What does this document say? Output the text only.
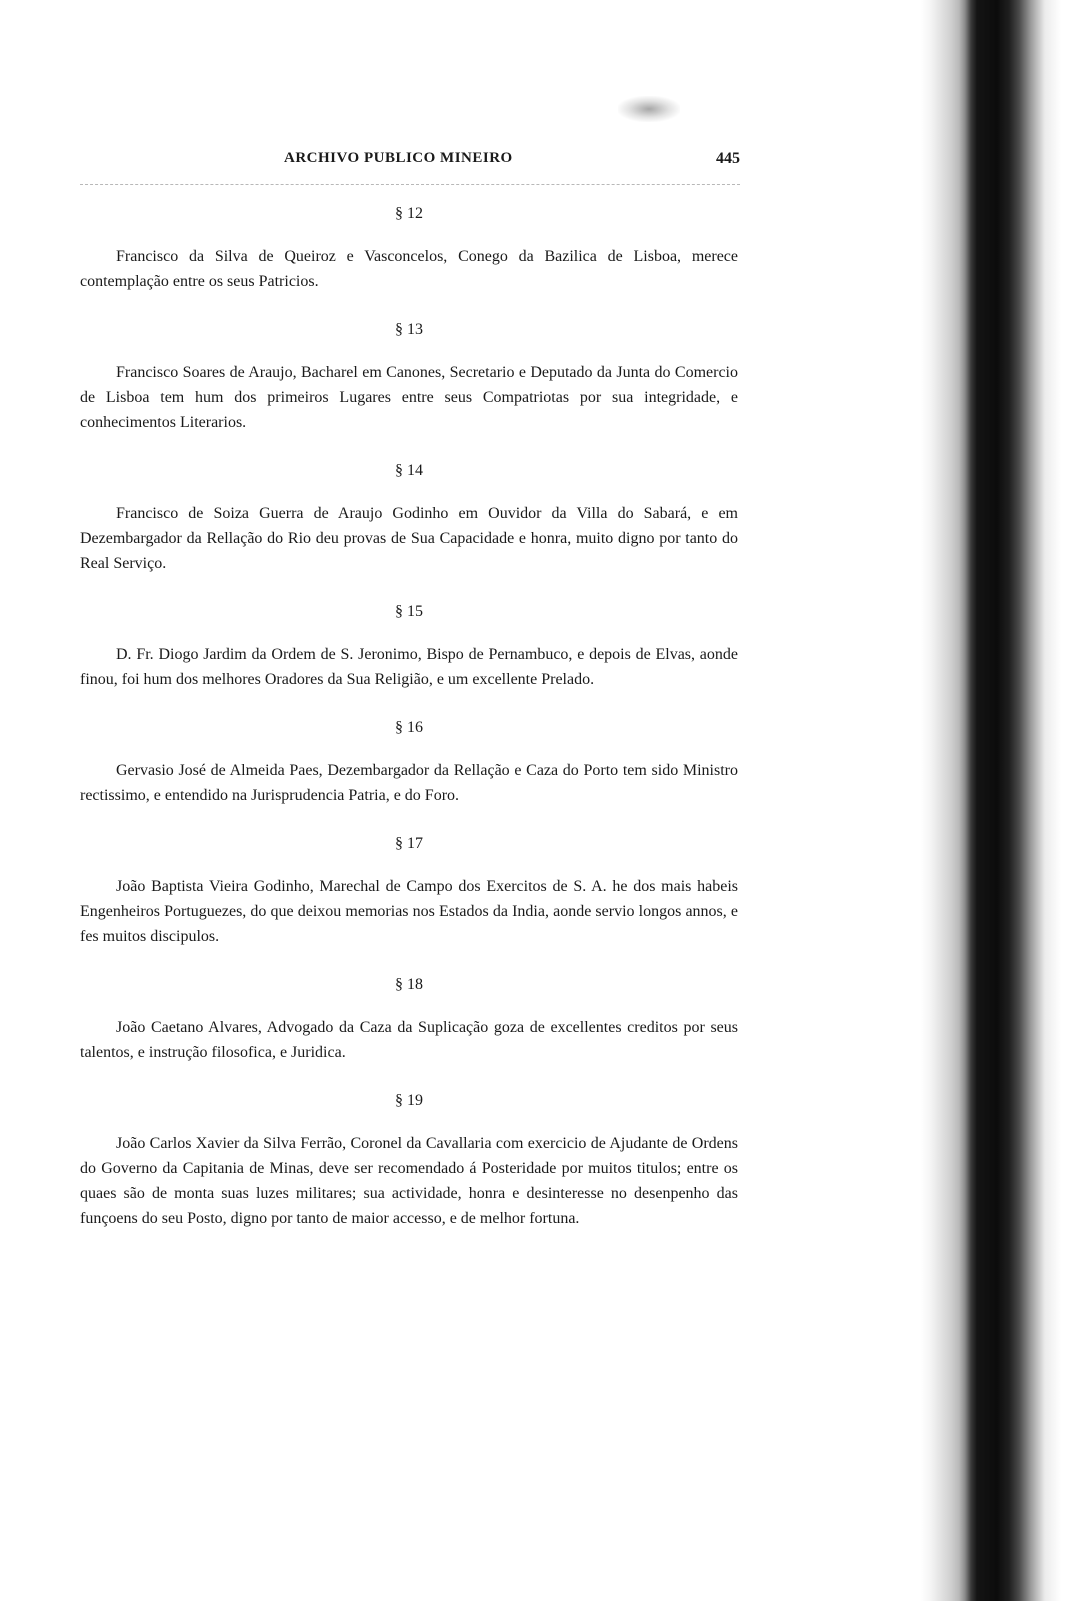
ARCHIVO PUBLICO MINEIRO	445

§ 12

Francisco da Silva de Queiroz e Vasconcelos, Conego da Bazilica de Lisboa, merece contemplação entre os seus Patricios.

§ 13

Francisco Soares de Araujo, Bacharel em Canones, Secretario e Deputado da Junta do Comercio de Lisboa tem hum dos primeiros Lugares entre seus Compatriotas por sua integridade, e conhecimentos Literarios.

§ 14

Francisco de Soiza Guerra de Araujo Godinho em Ouvidor da Villa do Sabará, e em Dezembargador da Rellação do Rio deu provas de Sua Capacidade e honra, muito digno por tanto do Real Serviço.

§ 15

D. Fr. Diogo Jardim da Ordem de S. Jeronimo, Bispo de Pernambuco, e depois de Elvas, aonde finou, foi hum dos melhores Oradores da Sua Religião, e um excellente Prelado.

§ 16

Gervasio José de Almeida Paes, Dezembargador da Rellação e Caza do Porto tem sido Ministro rectissimo, e entendido na Jurisprudencia Patria, e do Foro.

§ 17

João Baptista Vieira Godinho, Marechal de Campo dos Exercitos de S. A. he dos mais habeis Engenheiros Portuguezes, do que deixou memorias nos Estados da India, aonde servio longos annos, e fes muitos discipulos.

§ 18

João Caetano Alvares, Advogado da Caza da Suplicação goza de excellentes creditos por seus talentos, e instrução filosofica, e Juridica.

§ 19

João Carlos Xavier da Silva Ferrão, Coronel da Cavallaria com exercicio de Ajudante de Ordens do Governo da Capitania de Minas, deve ser recomendado á Posteridade por muitos titulos; entre os quaes são de monta suas luzes militares; sua actividade, honra e desinteresse no desenpenho das funçoens do seu Posto, digno por tanto de maior accesso, e de melhor fortuna.
